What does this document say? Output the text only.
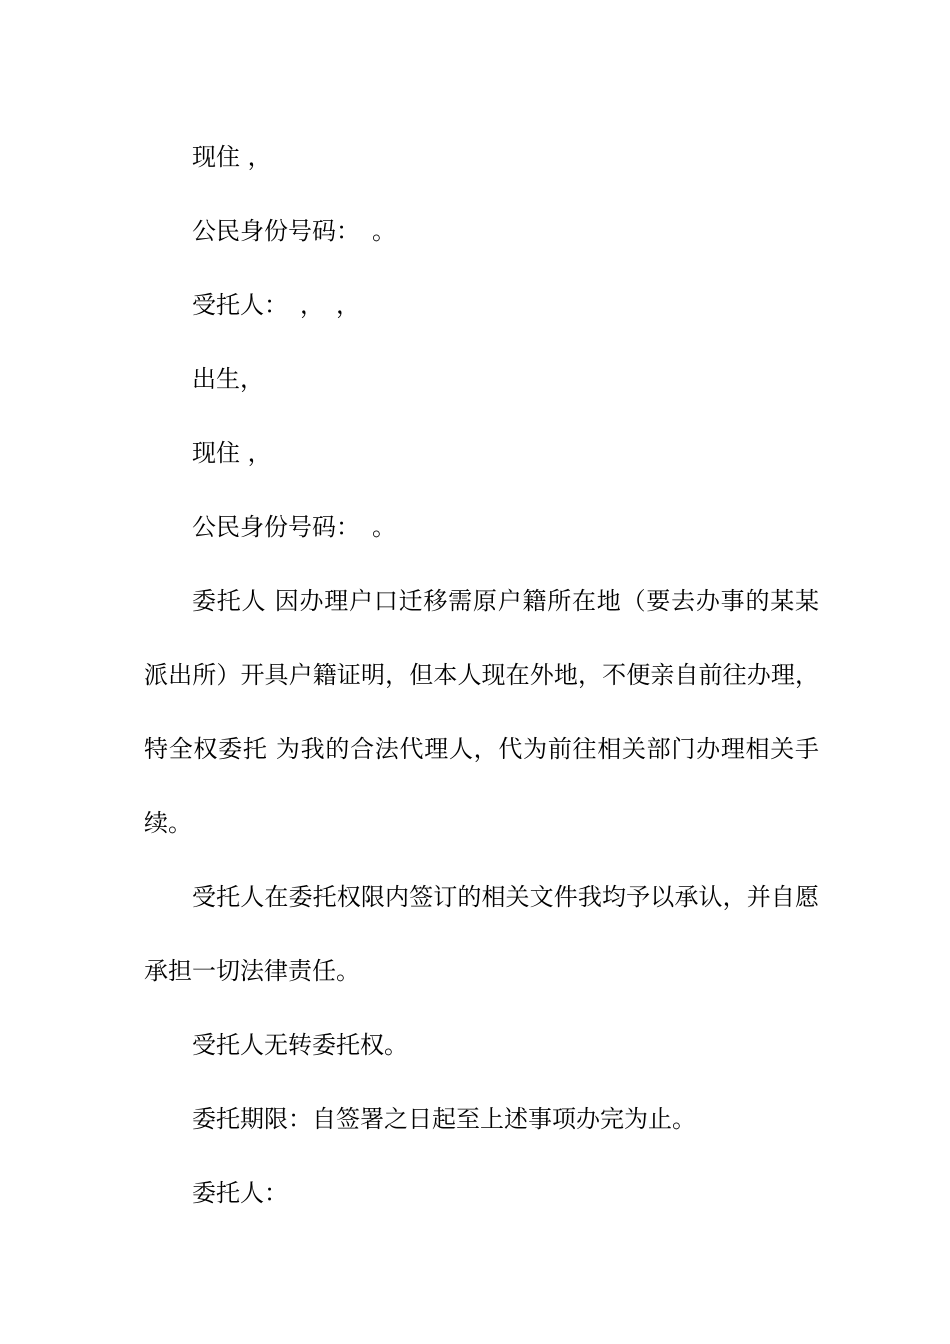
现住 ，

公民身份号码：　。

受托人：　，　，

出生，

现住 ，

公民身份号码：　。

委托人 因办理户口迁移需原户籍所在地（要去办事的某某派出所）开具户籍证明，但本人现在外地，不便亲自前往办理，特全权委托 为我的合法代理人，代为前往相关部门办理相关手续。

受托人在委托权限内签订的相关文件我均予以承认，并自愿承担一切法律责任。

受托人无转委托权。

委托期限：自签署之日起至上述事项办完为止。

委托人：
